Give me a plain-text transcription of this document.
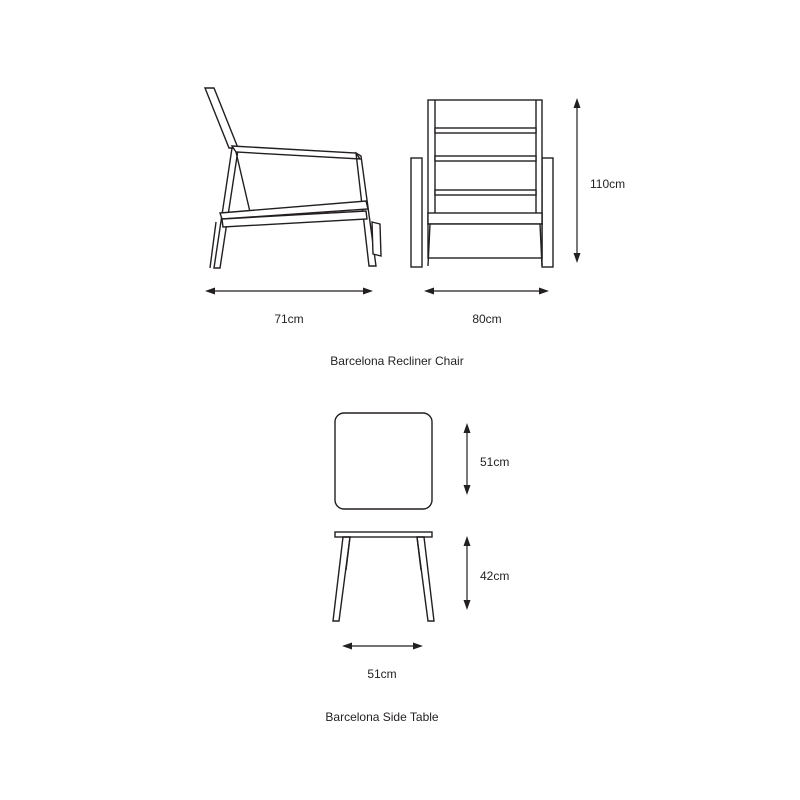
71cm	80cm
110cm
Barcelona Recliner Chair
51cm
42cm
51cm
Barcelona Side Table
